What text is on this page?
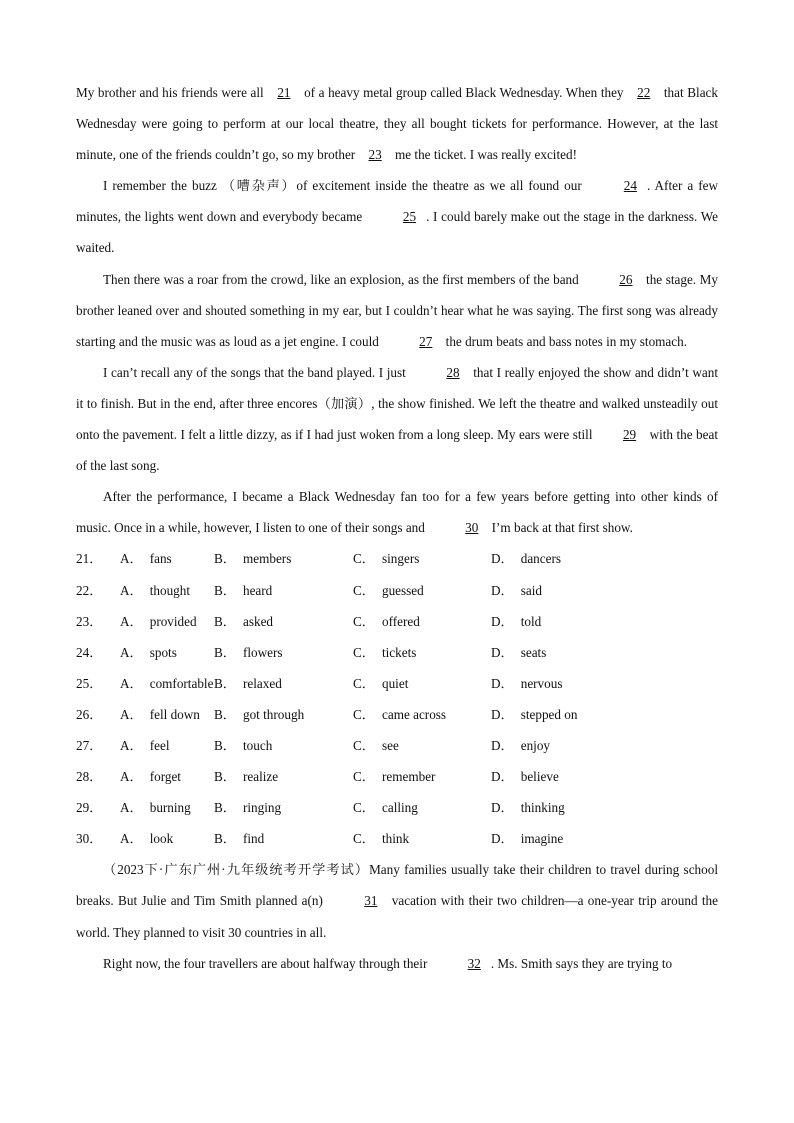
My brother and his friends were all 21 of a heavy metal group called Black Wednesday. When they 22 that Black Wednesday were going to perform at our local theatre, they all bought tickets for performance. However, at the last minute, one of the friends couldn’t go, so my brother 23 me the ticket. I was really excited!

I remember the buzz （嘈杂声）of excitement inside the theatre as we all found our	24 . After a few minutes, the lights went down and everybody became	25 . I could barely make out the stage in the darkness. We waited.

Then there was a roar from the crowd, like an explosion, as the first members of the band	26 the stage. My brother leaned over and shouted something in my ear, but I couldn’t hear what he was saying. The first song was already starting and the music was as loud as a jet engine. I could	27 the drum beats and bass notes in my stomach.

I can’t recall any of the songs that the band played. I just	28 that I really enjoyed the show and didn’t want it to finish. But in the end, after three encores（加演）, the show finished. We left the theatre and walked unsteadily out onto the pavement. I felt a little dizzy, as if I had just woken from a long sleep. My ears were still 29 with the beat of the last song.

After the performance, I became a Black Wednesday fan too for a few years before getting into other kinds of music. Once in a while, however, I listen to one of their songs and	30 I’m back at that first show.

21．	A． fans	B． members	C． singers	D． dancers
22．	A． thought	B． heard	C． guessed	D． said
23．	A． provided	B． asked	C． offered	D． told
24．	A． spots	B． flowers	C． tickets	D． seats
25．	A． comfortable B． relaxed	C． quiet	D． nervous
26．	A． fell down	B． got through	C． came across	D． stepped on
27．	A． feel	B． touch	C． see	D． enjoy
28．	A． forget	B． realize	C． remember	D． believe
29．	A． burning	B． ringing	C． calling	D． thinking
30．	A． look	B． find	C． think	D． imagine

（2023下·广东广州·九年级统考开学考试）Many families usually take their children to travel during school breaks. But Julie and Tim Smith planned a(n)	31 vacation with their two children—a one-year trip around the world. They planned to visit 30 countries in all.

Right now, the four travellers are about halfway through their	32 . Ms. Smith says they are trying to
